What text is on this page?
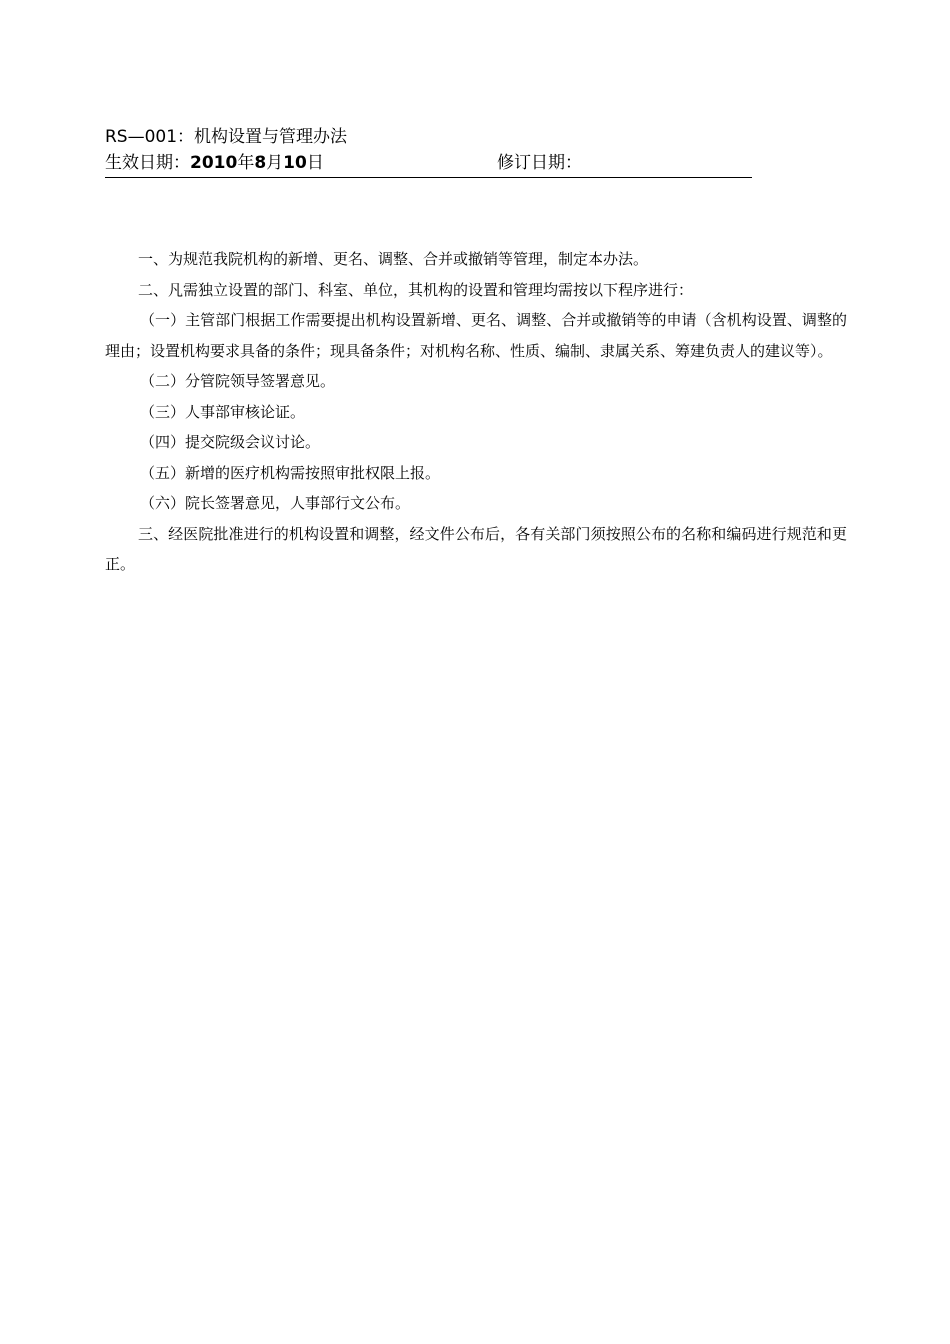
RS—001：机构设置与管理办法
生效日期：2010年8月10日	修订日期：

一、为规范我院机构的新增、更名、调整、合并或撤销等管理，制定本办法。

二、凡需独立设置的部门、科室、单位，其机构的设置和管理均需按以下程序进行：

（一）主管部门根据工作需要提出机构设置新增、更名、调整、合并或撤销等的申请（含机构设置、调整的理由；设置机构要求具备的条件；现具备条件；对机构名称、性质、编制、隶属关系、筹建负责人的建议等）。

（二）分管院领导签署意见。

（三）人事部审核论证。

（四）提交院级会议讨论。

（五）新增的医疗机构需按照审批权限上报。

（六）院长签署意见，人事部行文公布。

三、经医院批准进行的机构设置和调整，经文件公布后，各有关部门须按照公布的名称和编码进行规范和更正。
